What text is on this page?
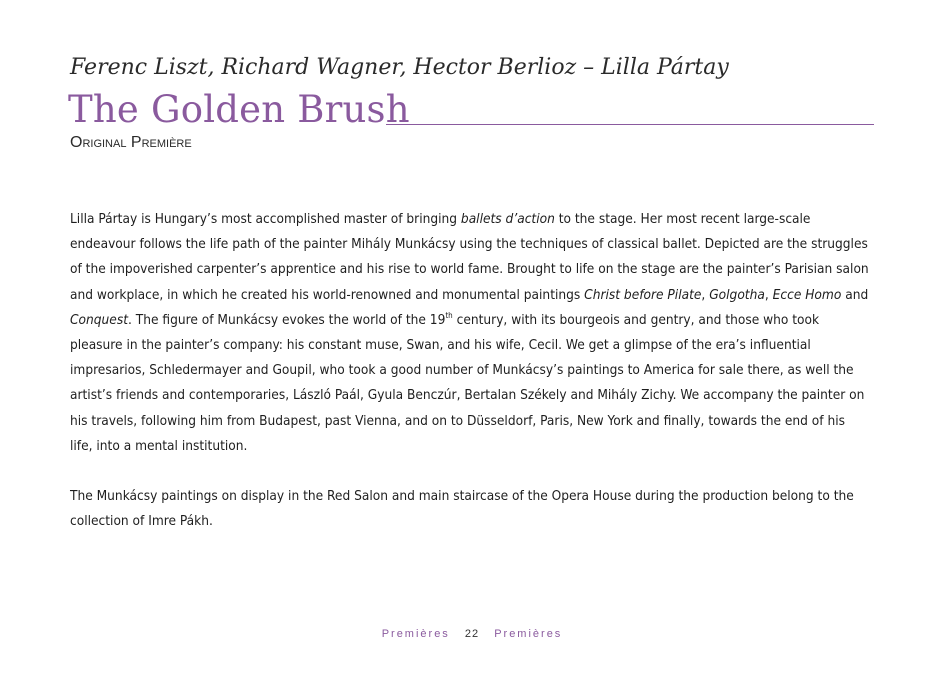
Ferenc Liszt, Richard Wagner, Hector Berlioz – Lilla Pártay
The Golden Brush
Original Première

Lilla Pártay is Hungary’s most accomplished master of bringing ballets d’action to the stage. Her most recent large-scale endeavour follows the life path of the painter Mihály Munkácsy using the techniques of classical ballet. Depicted are the struggles of the impoverished carpenter’s apprentice and his rise to world fame. Brought to life on the stage are the painter’s Parisian salon and workplace, in which he created his world-renowned and monumental paintings Christ before Pilate, Golgotha, Ecce Homo and Conquest. The figure of Munkácsy evokes the world of the 19th century, with its bourgeois and gentry, and those who took pleasure in the painter’s company: his constant muse, Swan, and his wife, Cecil. We get a glimpse of the era’s influential impresarios, Schledermayer and Goupil, who took a good number of Munkácsy’s paintings to America for sale there, as well the artist’s friends and contemporaries, László Paál, Gyula Benczúr, Bertalan Székely and Mihály Zichy. We accompany the painter on his travels, following him from Budapest, past Vienna, and on to Düsseldorf, Paris, New York and finally, towards the end of his life, into a mental institution.

The Munkácsy paintings on display in the Red Salon and main staircase of the Opera House during the production belong to the collection of Imre Pákh.

Premières 22 Premières
